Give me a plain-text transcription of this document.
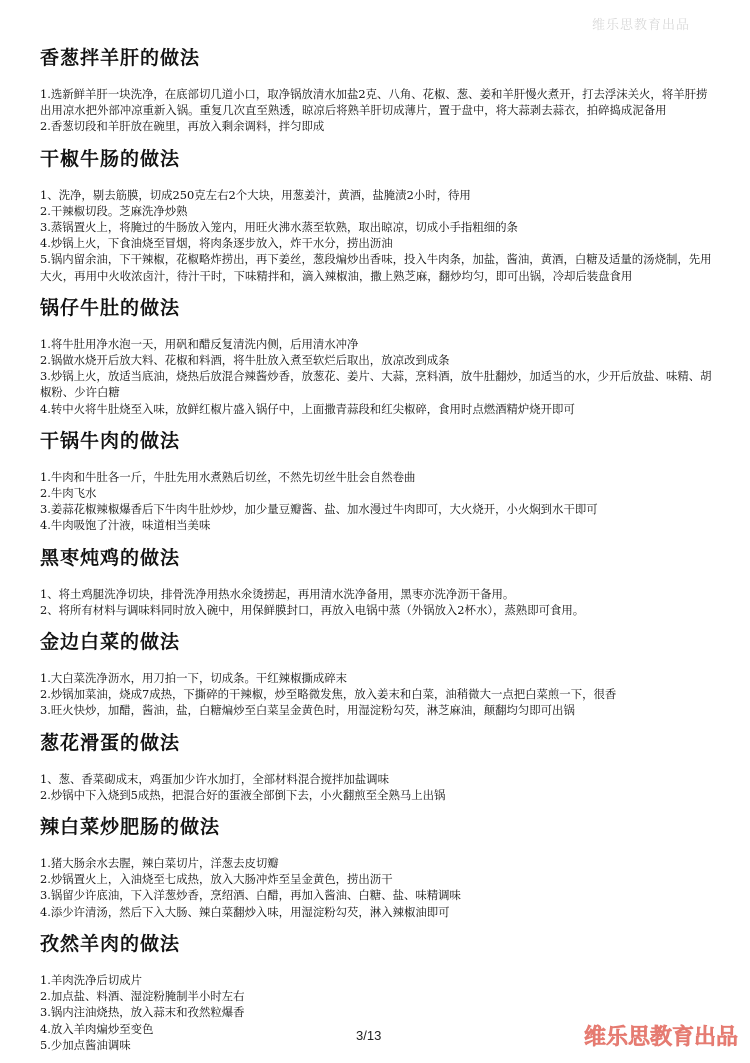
维乐思教育出品
香葱拌羊肝的做法

1.选新鲜羊肝一块洗净，在底部切几道小口，取净锅放清水加盐2克、八角、花椒、葱、姜和羊肝慢火煮开，打去浮沫关火，将羊肝捞出用凉水把外部冲凉重新入锅。重复几次直至熟透，晾凉后将熟羊肝切成薄片，置于盘中，将大蒜剥去蒜衣，拍碎捣成泥备用

2.香葱切段和羊肝放在碗里，再放入剩余调料，拌匀即成

干椒牛肠的做法

1、洗净，剔去筋膜，切成250克左右2个大块，用葱姜汁，黄酒，盐腌渍2小时，待用

2.干辣椒切段。芝麻洗净炒熟

3.蒸锅置火上，将腌过的牛肠放入笼内，用旺火沸水蒸至软熟，取出晾凉，切成小手指粗细的条

4.炒锅上火，下食油烧至冒烟，将肉条逐步放入，炸干水分，捞出沥油

5.锅内留余油，下干辣椒，花椒略炸捞出，再下姜丝，葱段煸炒出香味，投入牛肉条，加盐，酱油，黄酒，白糖及适量的汤烧制，先用大火，再用中火收浓卤汁，待汁干时，下味精拌和，滴入辣椒油，撒上熟芝麻，翻炒均匀，即可出锅，冷却后装盘食用

锅仔牛肚的做法

1.将牛肚用净水泡一天，用矾和醋反复清洗内侧，后用清水冲净

2.锅做水烧开后放大料、花椒和料酒，将牛肚放入煮至软烂后取出，放凉改到成条

3.炒锅上火，放适当底油，烧热后放混合辣酱炒香，放葱花、姜片、大蒜，烹料酒，放牛肚翻炒，加适当的水，少开后放盐、味精、胡椒粉、少许白糖

4.转中火将牛肚烧至入味，放鲜红椒片盛入锅仔中，上面撒青蒜段和红尖椒碎，食用时点燃酒精炉烧开即可

干锅牛肉的做法

1.牛肉和牛肚各一斤，牛肚先用水煮熟后切丝，不然先切丝牛肚会自然卷曲

2.牛肉飞水

3.姜蒜花椒辣椒爆香后下牛肉牛肚炒炒，加少量豆瓣酱、盐、加水漫过牛肉即可，大火烧开，小火焖到水干即可

4.牛肉吸饱了汁液，味道相当美味

黑枣炖鸡的做法

1、将土鸡腿洗净切块，排骨洗净用热水氽烫捞起，再用清水洗净备用，黑枣亦洗净沥干备用。

2、将所有材料与调味料同时放入碗中，用保鲜膜封口，再放入电锅中蒸（外锅放入2杯水），蒸熟即可食用。

金边白菜的做法

1.大白菜洗净沥水，用刀拍一下，切成条。干红辣椒撕成碎末

2.炒锅加菜油，烧成7成热，下撕碎的干辣椒，炒至略微发焦，放入姜末和白菜，油稍微大一点把白菜煎一下，很香

3.旺火快炒，加醋，酱油，盐，白糖煸炒至白菜呈金黄色时，用湿淀粉勾芡，淋芝麻油，颠翻均匀即可出锅

葱花滑蛋的做法

1、葱、香菜砌成末，鸡蛋加少许水加打，全部材料混合搅拌加盐调味

2.炒锅中下入烧到5成热，把混合好的蛋液全部倒下去，小火翻煎至全熟马上出锅

辣白菜炒肥肠的做法

1.猪大肠余水去腥，辣白菜切片，洋葱去皮切瓣

2.炒锅置火上，入油烧至七成热，放入大肠冲炸至呈金黄色，捞出沥干

3.锅留少许底油，下入洋葱炒香，烹绍酒、白醋，再加入酱油、白糖、盐、味精调味

4.添少许清汤，然后下入大肠、辣白菜翻炒入味，用湿淀粉勾芡，淋入辣椒油即可

孜然羊肉的做法

1.羊肉洗净后切成片

2.加点盐、料酒、湿淀粉腌制半小时左右

3.锅内注油烧热，放入蒜末和孜然粒爆香

4.放入羊肉煸炒至变色

5.少加点酱油调味

3/13	维乐思教育出品
